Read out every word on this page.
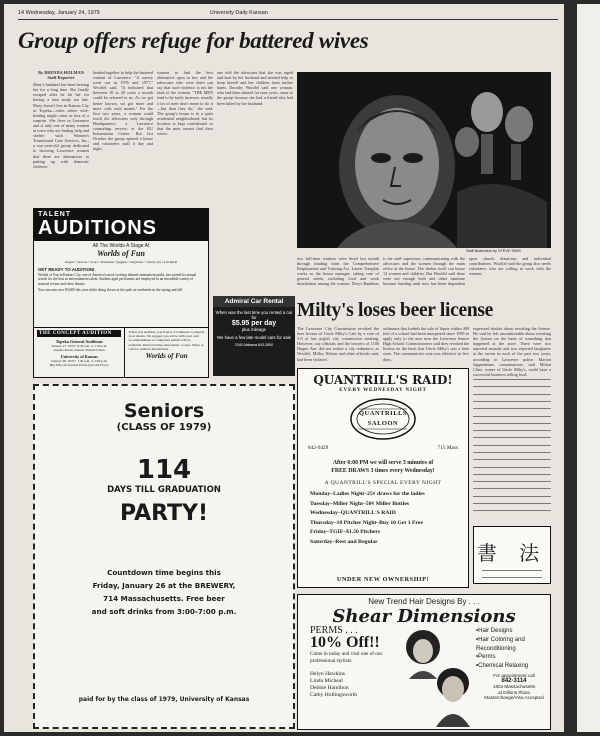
14 Wednesday, January 24, 1979	University Daily Kansan
Group offers refuge for battered wives
By BRENDA HOLMAN
Staff Reporter
Mary's husband has been beating her for a long time. She finally escaped after he hit her for having a shot ready too late. Mary doesn't live in Kansas City or Topeka—cities where wife-beating might come as less of a surprise. She lives in Lawrence and is only one of many women in town who are finding help and shelter with Women's Transitional Care Services, Inc., a two-year-old group dedicated to showing Lawrence women that there are alternatives to putting up with domestic violence.
headed together to help the battered women of Lawrence. "A survey went out in 1976 and 1977," Woolfel said. "It indicated that between 10 to 20 cases a month could be referred to us. As we got better known, we got more and more calls each month." For the first two years, a woman could reach the advocates only through Headquarters, a Lawrence counseling service, or the KU Information Center. But last October the group opened a house and volunteers staff it day and night.
women to find the best alternative open to her, and the advocates who were there can say that such violence is not the fault of the woman. "THE MEN tend to be fairly insecure, usually a lot of men don't mean to do it—but then they do," she said. The group's house is in a quiet residential neighborhood, but its location is kept confidential so that the men cannot find their wives.
one told the advocates that she was raped and hurt by her husband and needed help to keep herself and her children from further harm. Dorothy Woolfel said one woman, who had been abused for nine years, came to the group because she had a friend who had been killed by her husband.
two full-time workers were hired last month through funding from the Comprehensive Employment and Training Act. Laurie Tompkin works as the house manager, taking care of general needs, including food and work distribution among the women. Dorys Banderas is the staff supervisor, communicating with the advocates and the women through the main office at the house. The shelter itself can house 12 women and children. But Woolfel said there were not enough beds and other furniture because funding until now has been dependent upon church donations and individual contributions. Woolfel said the group also needs volunteers who are willing to work with the women.
Staff illustration by STEVE SIMS
TALENT
AUDITIONS
All The Worlds A Stage At
Worlds of Fun
singers • dancers • actors • musicians • jugglers • magicians • variety acts of all kinds
GET READY TO AUDITION!
Worlds of Fun in Kansas City, one of America's most exciting themed amusement parks, has started its annual search for the best in entertainment talent. Student-aged performers are employed in an incredible variety of musical revues and show theatre.
You can earn over $3,600 this year while doing shows at the park on weekends in the spring and fall.
THE CONCEPT AUDITION
Topeka General Auditions
January 27, 1979 • 9:30 a.m. to 1:30 p.m.
Topeka Room, Kansas Student Union
University of Kansas
January 28, 1979 • 1:30 p.m. to 7:00 p.m.
Big 8 Room, Kansas Union (Second Floor)
When you audition, you'll have 3-4 minutes to display your talents. We suggest you arrive with your own accompaniment. A competent pianist will be available. Dancers bring sheet music or tape. Write or call for audition information.
Worlds of Fun
Admiral Car Rental
When was the last time you rented a car for
$5.95 per day
plus mileage
We have a few late model cars for sale
2340 Alabama 843-2850
Seniors
(CLASS OF 1979)
114
DAYS TILL GRADUATION
PARTY!
Countdown time begins this
Friday, January 26 at the BREWERY,
714 Massachusetts. Free beer
and soft drinks from 3:00-7:00 p.m.
paid for by the class of 1979, University of Kansas
Milty's loses beer license
The Lawrence City Commission revoked the beer license of Uncle Milty's Cafe by a vote of 3-0 at last night's city commission meeting. However, city officials and the lawyers of 1100 Harper Ave. did not realize a city ordinance, as Woolfel, Miller, Nelson and other officials said, had been violated.
ordinance that forbids the sale of liquor within 400 feet of a school had been interpreted since 1959 to apply only to the area near the Lawrence Senior High School. Commissioners said they revoked the license on the basis that Uncle Milty's was a beer store. The commission's vote was effective in five days.
expressed doubts about revoking the license. He said he felt uncomfortable about revoking the license on the basis of something that happened at the store. There were two reported assaults and two reported burglaries at the tavern in each of the past two years, according to Lawrence police. Marion Jappenbauer, commissioner, said Milton Cline, owner of Uncle Milty's, could have a successful business selling food.
QUANTRILL'S RAID!
EVERY WEDNESDAY NIGHT
QUANTRILLS SALOON
842-9429	715 Mass
After 6:00 PM we will serve 3 minutes of
FREE DRAWS 3 times every Wednesday!
A QUANTRILL'S SPECIAL EVERY NIGHT
Monday–Ladies Night–25¢ draws for the ladies
Tuesday–Miller Night–50¢ Miller Bottles
Wednesday–QUANTRILL'S RAID
Thursday–10 Pitcher Night–Buy 10 Get 1 Free
Friday–TGIF–$1.50 Pitchers
Saturday–Rest and Regular
UNDER NEW OWNERSHIP!
書 法
New Trend Hair Designs By . . .
Shear Dimensions
PERMS . . .
10% Off!!
Come in today and visit one of our professional stylists:
Helyn Hawkins
Linda Micheal
Debbie Hamilton
Cathy Hollingsworth
• Hair Designs
• Hair Coloring and Reconditioning
• Perms
• Chemical Relaxing
For appointment call
842-3114
1802 Massachusetts
at Dillons Plaza
Masterchange/Visa Accepted
